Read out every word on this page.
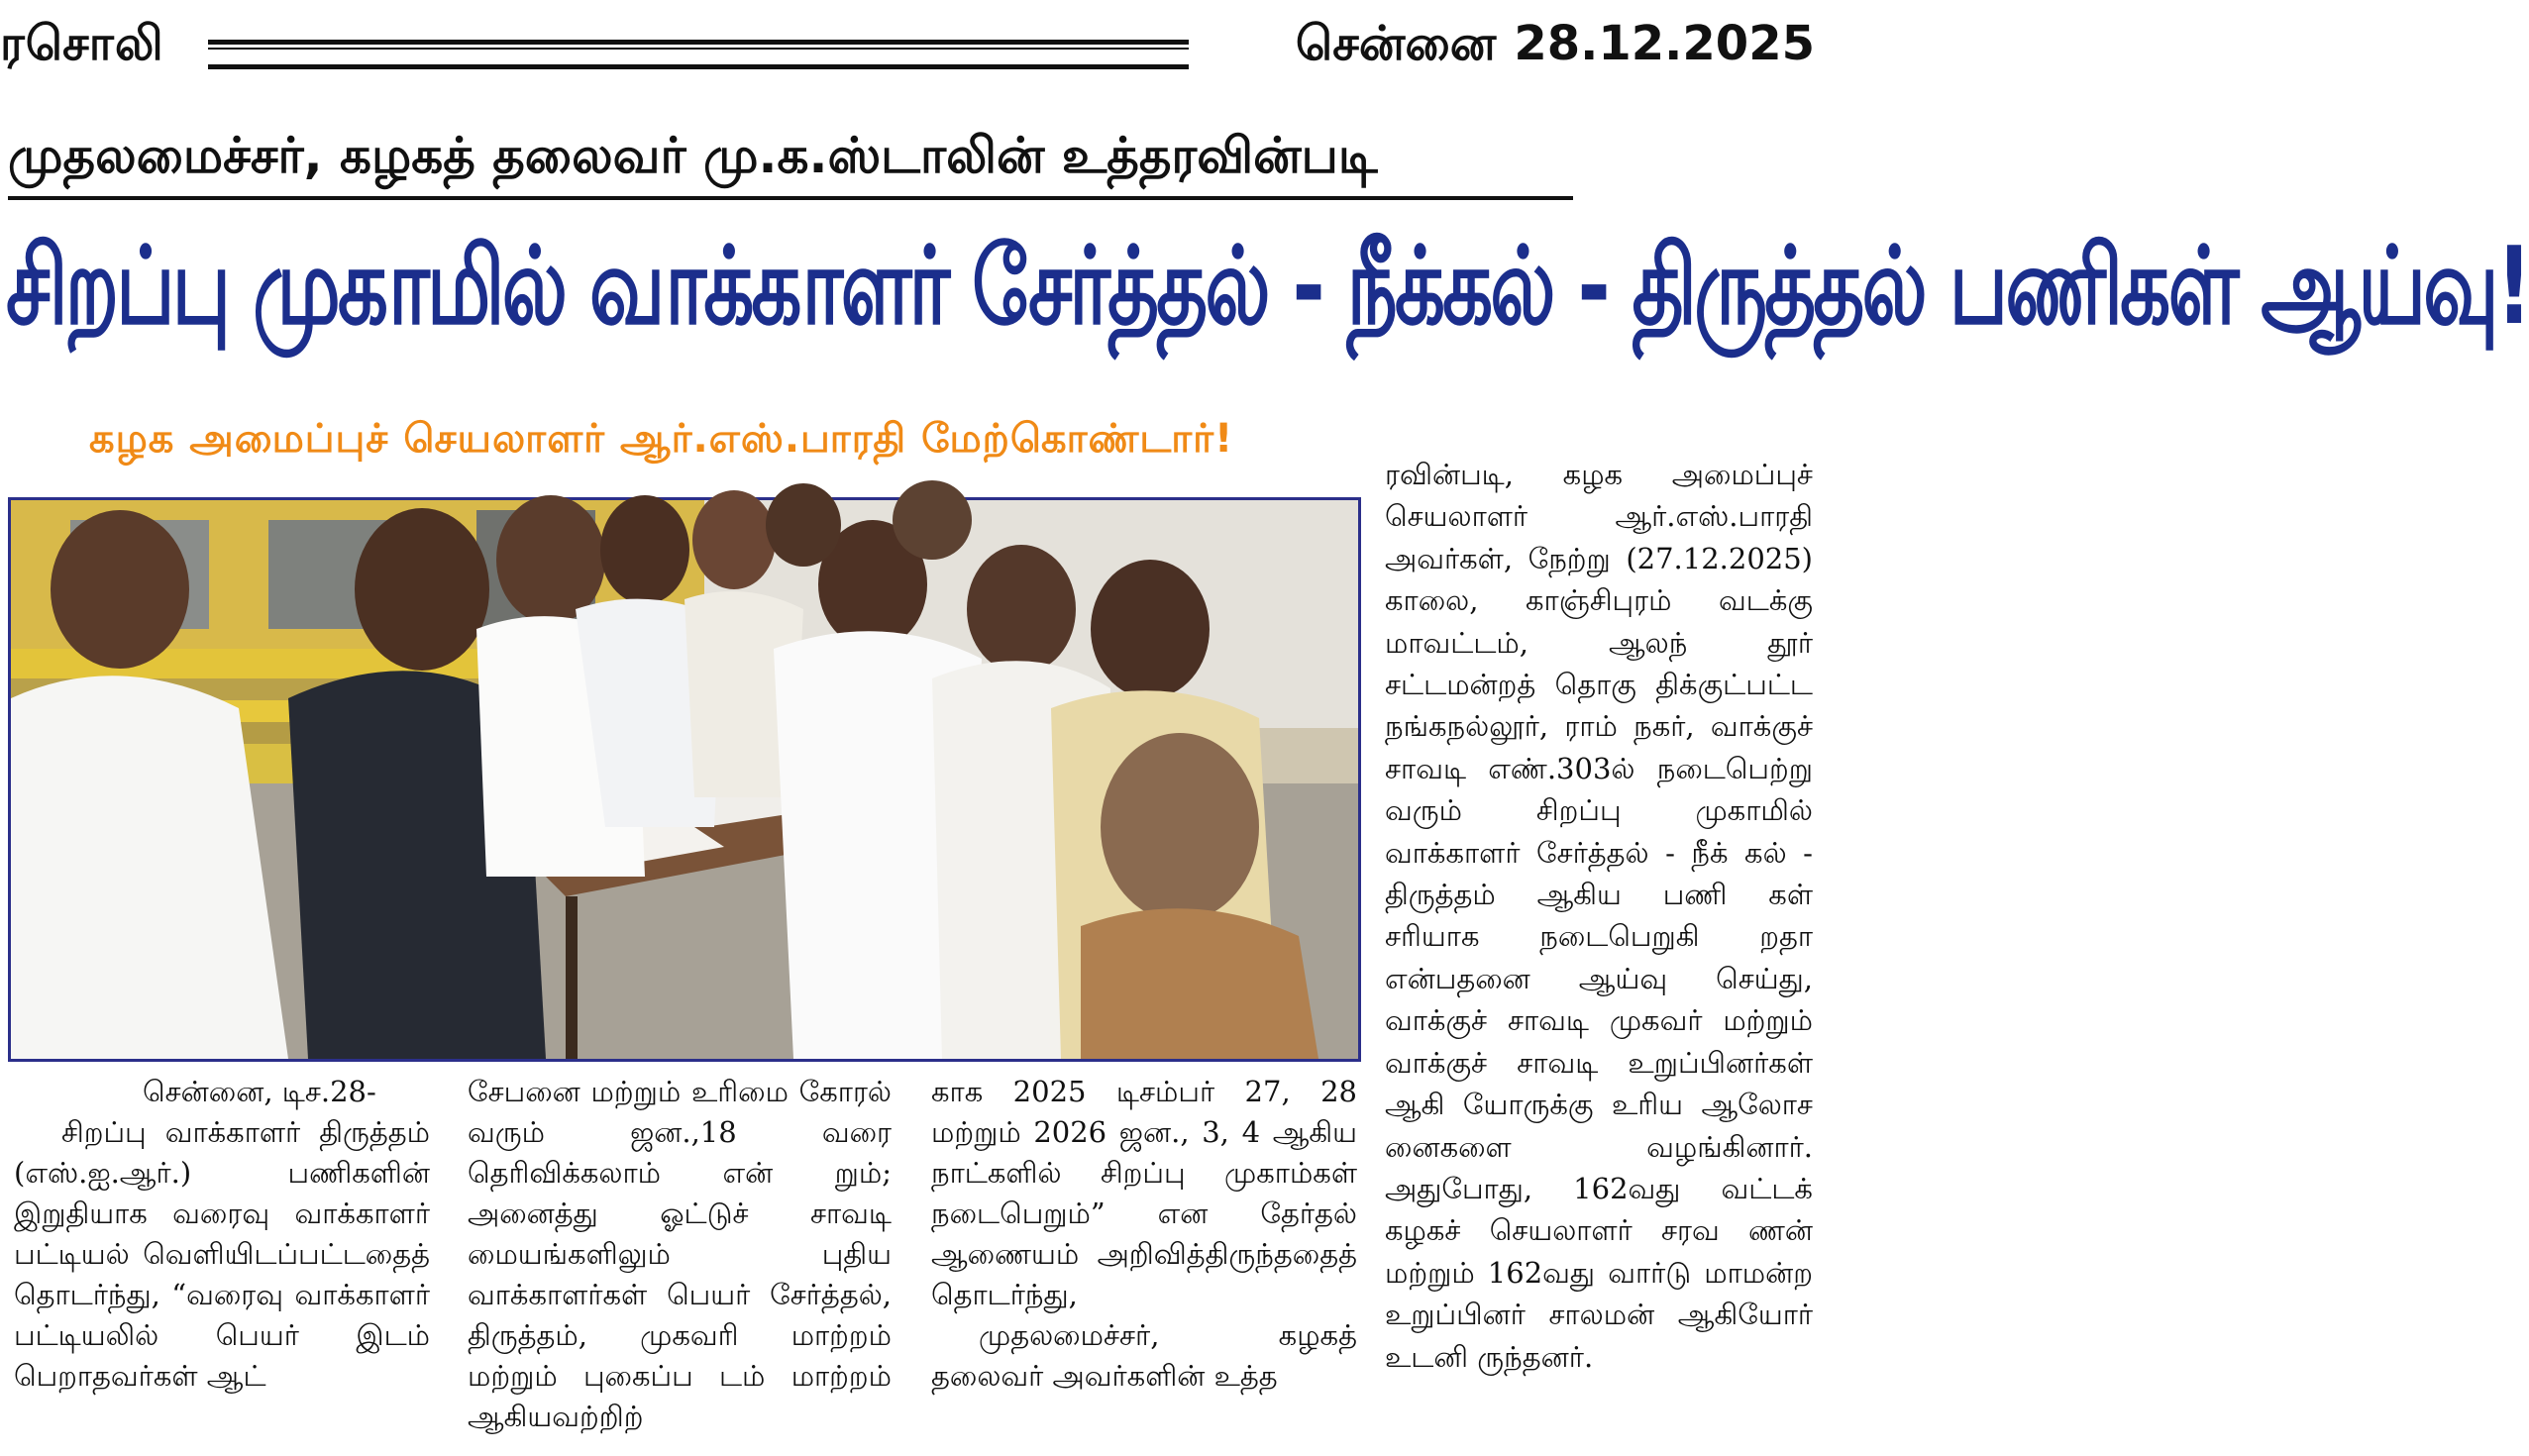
ரசொலி	சென்னை 28.12.2025
முதலமைச்சர், கழகத் தலைவர் மு.க.ஸ்டாலின் உத்தரவின்படி
சிறப்பு முகாமில் வாக்காளர் சேர்த்தல் - நீக்கல் - திருத்தல் பணிகள் ஆய்வு!
கழக அமைப்புச் செயலாளர் ஆர்.எஸ்.பாரதி மேற்கொண்டார்!

சென்னை, டிச.28-

சிறப்பு வாக்காளர் திருத்தம் (எஸ்.ஐ.ஆர்.) பணிகளின் இறுதியாக வரைவு வாக்காளர் பட்டியல் வெளியிடப்பட்டதைத் தொடர்ந்து, “வரைவு வாக்காளர் பட்டியலில் பெயர் இடம் பெறாதவர்கள் ஆட்

சேபனை மற்றும் உரிமை கோரல் வரும் ஜன.,18 வரை தெரிவிக்கலாம் என் றும்; அனைத்து ஓட்டுச் சாவடி மையங்களிலும் புதிய வாக்காளர்கள் பெயர் சேர்த்தல், திருத்தம், முகவரி மாற்றம் மற்றும் புகைப்ப டம் மாற்றம் ஆகியவற்றிற்

காக 2025 டிசம்பர் 27, 28 மற்றும் 2026 ஜன., 3, 4 ஆகிய நாட்களில் சிறப்பு முகாம்கள் நடைபெறும்” என தேர்தல் ஆணையம் அறிவித்திருந்ததைத் தொடர்ந்து,

முதலமைச்சர், கழகத் தலைவர் அவர்களின் உத்த

ரவின்படி, கழக அமைப்புச் செயலாளர் ஆர்.எஸ்.பாரதி அவர்கள், நேற்று (27.12.2025) காலை, காஞ்சிபுரம் வடக்கு மாவட்டம், ஆலந் தூர் சட்டமன்றத் தொகு திக்குட்பட்ட நங்கநல்லூர், ராம் நகர், வாக்குச் சாவடி எண்.303ல் நடைபெற்று வரும் சிறப்பு முகாமில் வாக்காளர் சேர்த்தல் - நீக் கல் - திருத்தம் ஆகிய பணி கள் சரியாக நடைபெறுகி றதா என்பதனை ஆய்வு செய்து, வாக்குச் சாவடி முகவர் மற்றும் வாக்குச் சாவடி உறுப்பினர்கள் ஆகி யோருக்கு உரிய ஆலோச னைகளை வழங்கினார். அதுபோது, 162வது வட்டக் கழகச் செயலாளர் சரவ ணன் மற்றும் 162வது வார்டு மாமன்ற உறுப்பினர் சாலமன் ஆகியோர் உடனி ருந்தனர்.
